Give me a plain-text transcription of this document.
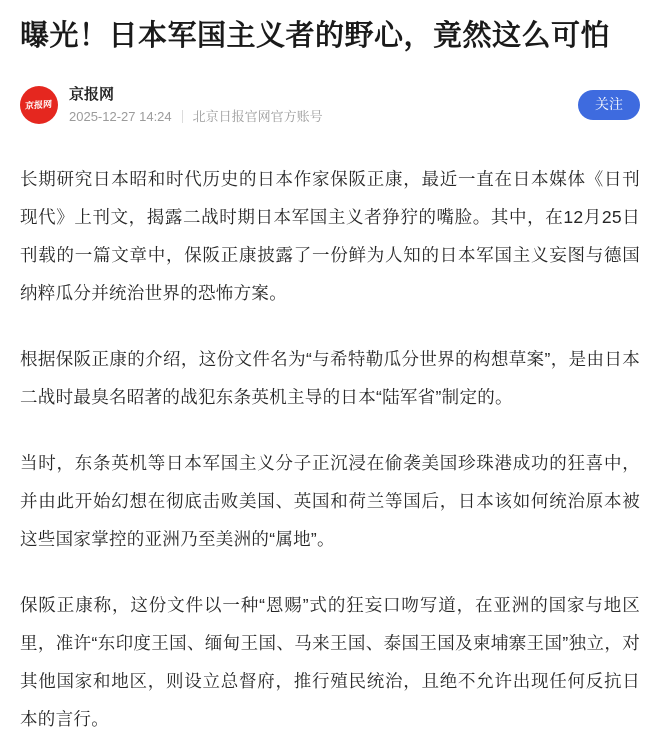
曝光！日本军国主义者的野心，竟然这么可怕
京报网
京报网
2025-12-27 14:24 北京日报官网官方账号
关注

长期研究日本昭和时代历史的日本作家保阪正康，最近一直在日本媒体《日刊现代》上刊文，揭露二战时期日本军国主义者狰狞的嘴脸。其中，在12月25日刊载的一篇文章中，保阪正康披露了一份鲜为人知的日本军国主义妄图与德国纳粹瓜分并统治世界的恐怖方案。

根据保阪正康的介绍，这份文件名为“与希特勒瓜分世界的构想草案”，是由日本二战时最臭名昭著的战犯东条英机主导的日本“陆军省”制定的。

当时，东条英机等日本军国主义分子正沉浸在偷袭美国珍珠港成功的狂喜中，并由此开始幻想在彻底击败美国、英国和荷兰等国后，日本该如何统治原本被这些国家掌控的亚洲乃至美洲的“属地”。

保阪正康称，这份文件以一种“恩赐”式的狂妄口吻写道，在亚洲的国家与地区里，准许“东印度王国、缅甸王国、马来王国、泰国王国及柬埔寨王国”独立，对其他国家和地区，则设立总督府，推行殖民统治，且绝不允许出现任何反抗日本的言行。
